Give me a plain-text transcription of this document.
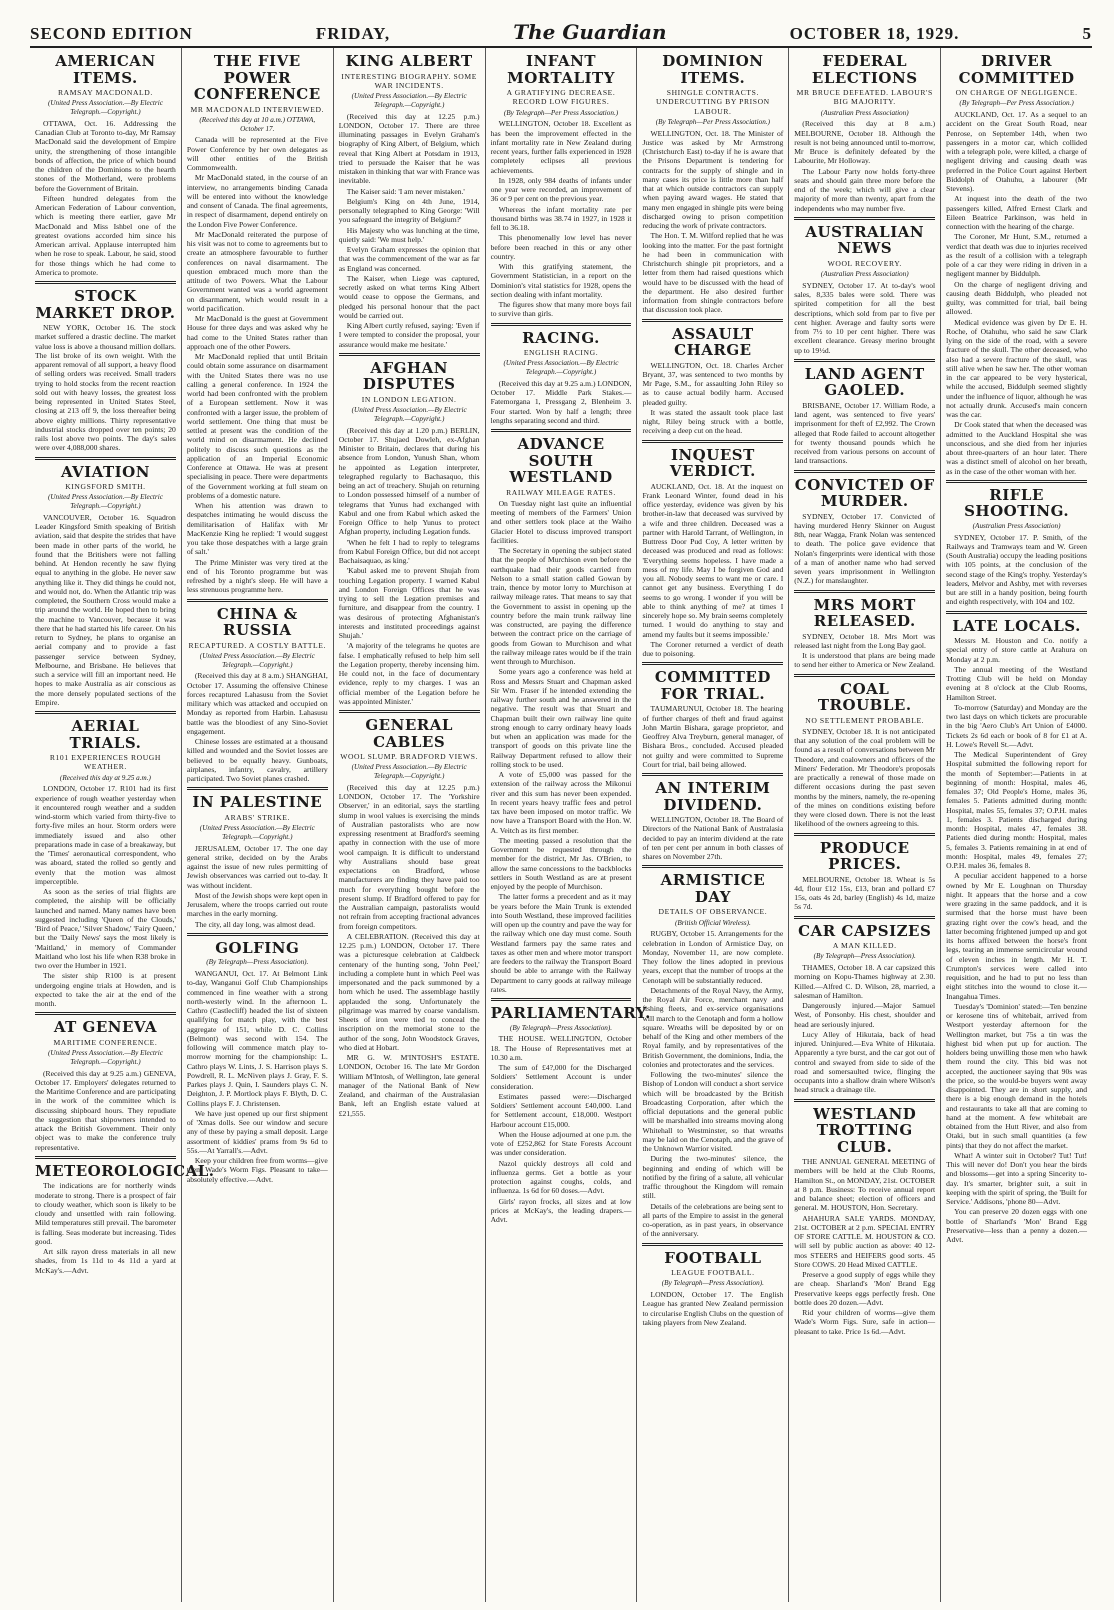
SECOND EDITION	FRIDAY,	The Guardian	OCTOBER 18, 1929.	5
AMERICAN ITEMS.
RAMSAY MACDONALD.
(United Press Association.—By Electric Telegraph.—Copyright.)

OTTAWA, Oct. 16. Addressing the Canadian Club at Toronto to-day, Mr Ramsay MacDonald said the development of Empire unity, the strengthening of those intangible bonds of affection, the price of which bound the children of the Dominions to the hearth stones of the Motherland, were problems before the Government of Britain.

Fifteen hundred delegates from the American Federation of Labour convention, which is meeting there earlier, gave Mr MacDonald and Miss Ishbel one of the greatest ovations accorded him since his American arrival. Applause interrupted him when he rose to speak. Labour, he said, stood for those things which he had come to America to promote.

STOCK MARKET DROP.

NEW YORK, October 16. The stock market suffered a drastic decline. The market value loss is above a thousand million dollars. The list broke of its own weight. With the apparent removal of all support, a heavy flood of selling orders was received. Small traders trying to hold stocks from the recent reaction sold out with heavy losses, the greatest loss being represented in United States Steel, closing at 213 off 9, the loss thereafter being above eighty millions. Thirty representative industrial stocks dropped over ten points; 20 rails lost above two points. The day's sales were over 4,088,000 shares.

AVIATION
KINGSFORD SMITH.
(United Press Association.—By Electric Telegraph.—Copyright.)

VANCOUVER, October 16. Squadron Leader Kingsford Smith speaking of British aviation, said that despite the strides that have been made in other parts of the world, he found that the Britishers were not falling behind. At Hendon recently he saw flying equal to anything in the globe. He never saw anything like it. They did things he could not, and would not, do. When the Atlantic trip was completed, the Southern Cross would make a trip around the world. He hoped then to bring the machine to Vancouver, because it was there that he had started his life career. On his return to Sydney, he plans to organise an aerial company and to provide a fast passenger service between Sydney, Melbourne, and Brisbane. He believes that such a service will fill an important need. He hopes to make Australia as air conscious as the more densely populated sections of the Empire.

AERIAL TRIALS.
R101 EXPERIENCES ROUGH WEATHER.
(Received this day at 9.25 a.m.)

LONDON, October 17. R101 had its first experience of rough weather yesterday when it encountered rough weather and a sudden wind-storm which varied from thirty-five to forty-five miles an hour. Storm orders were immediately issued and also other preparations made in case of a breakaway, but the 'Times' aeronautical correspondent, who was aboard, stated the rolled so gently and evenly that the motion was almost imperceptible.

As soon as the series of trial flights are completed, the airship will be officially launched and named. Many names have been suggested including 'Queen of the Clouds,' 'Bird of Peace,' 'Silver Shadow,' 'Fairy Queen,' but the 'Daily News' says the most likely is 'Maitland,' in memory of Commander Maitland who lost his life when R38 broke in two over the Humber in 1921.

The sister ship R100 is at present undergoing engine trials at Howden, and is expected to take the air at the end of the month.

AT GENEVA
MARITIME CONFERENCE.
(United Press Association.—By Electric Telegraph.—Copyright.)

(Received this day at 9.25 a.m.) GENEVA, October 17. Employers' delegates returned to the Maritime Conference and are participating in the work of the committee which is discussing shipboard hours. They repudiate the suggestion that shipowners intended to attack the British Government. Their only object was to make the conference truly representative.

METEOROLOGICAL.

The indications are for northerly winds moderate to strong. There is a prospect of fair to cloudy weather, which soon is likely to be cloudy and unsettled with rain following. Mild temperatures still prevail. The barometer is falling. Seas moderate but increasing. Tides good.

Art silk rayon dress materials in all new shades, from 1s 11d to 4s 11d a yard at McKay's.—Advt.

THE FIVE POWER CONFERENCE
MR MACDONALD INTERVIEWED.
(Received this day at 10 a.m.) OTTAWA, October 17.

Canada will be represented at the Five Power Conference by her own delegates as will other entities of the British Commonwealth.

Mr MacDonald stated, in the course of an interview, no arrangements binding Canada will be entered into without the knowledge and consent of Canada. The final agreements, in respect of disarmament, depend entirely on the London Five Power Conference.

Mr MacDonald reiterated the purpose of his visit was not to come to agreements but to create an atmosphere favourable to further conferences on naval disarmament. The question embraced much more than the attitude of two Powers. What the Labour Government wanted was a world agreement on disarmament, which would result in a world pacification.

Mr MacDonald is the guest at Government House for three days and was asked why he had come to the United States rather than approach one of the other Powers.

Mr MacDonald replied that until Britain could obtain some assurance on disarmament with the United States there was no use calling a general conference. In 1924 the world had been confronted with the problem of a European settlement. Now it was confronted with a larger issue, the problem of world settlement. One thing that must be settled at present was the condition of the world mind on disarmament. He declined politely to discuss such questions as the application of an Imperial Economic Conference at Ottawa. He was at present specialising in peace. There were departments of the Government working at full steam on problems of a domestic nature.

When his attention was drawn to despatches intimating he would discuss the demilitarisation of Halifax with Mr MacKenzie King he replied: 'I would suggest you take those despatches with a large grain of salt.'

The Prime Minister was very tired at the end of his Toronto programme but was refreshed by a night's sleep. He will have a less strenuous programme here.

CHINA & RUSSIA
RECAPTURED. A COSTLY BATTLE.
(United Press Association.—By Electric Telegraph.—Copyright.)

(Received this day at 8 a.m.) SHANGHAI, October 17. Assuming the offensive Chinese forces recaptured Lahasusu from the Soviet military which was attacked and occupied on Monday as reported from Harbin. Lahasusu battle was the bloodiest of any Sino-Soviet engagement.

Chinese losses are estimated at a thousand killed and wounded and the Soviet losses are believed to be equally heavy. Gunboats, airplanes, infantry, cavalry, artillery participated. Two Soviet planes crashed.

IN PALESTINE
ARABS' STRIKE.
(United Press Association.—By Electric Telegraph.—Copyright.)

JERUSALEM, October 17. The one day general strike, decided on by the Arabs against the issue of new rules permitting of Jewish observances was carried out to-day. It was without incident.

Most of the Jewish shops were kept open in Jerusalem, where the troops carried out route marches in the early morning.

The city, all day long, was almost dead.

GOLFING
(By Telegraph—Press Association).

WANGANUI, Oct. 17. At Belmont Link to-day, Wanganui Golf Club Championships commenced in fine weather with a strong north-westerly wind. In the afternoon L. Cathro (Castlecliff) headed the list of sixteen qualifying for match play, with the best aggregate of 151, while D. C. Collins (Belmont) was second with 154. The following will commence match play to-morrow morning for the championship: L. Cathro plays W. Lints, J. S. Harrison plays S. Powdrell, R. L. McNiven plays J. Gray, F. S. Parkes plays J. Quin, I. Saunders plays C. N. Deighton, J. P. Mortlock plays F. Blyth, D. C. Collins plays F. J. Christensen.

We have just opened up our first shipment of 'Xmas dolls. See our window and secure any of these by paying a small deposit. Large assortment of kiddies' prams from 9s 6d to 55s.—At Yarrall's.—Advt.

Keep your children free from worms—give them Wade's Worm Figs. Pleasant to take—absolutely effective.—Advt.

KING ALBERT
INTERESTING BIOGRAPHY. SOME WAR INCIDENTS.
(United Press Association.—By Electric Telegraph.—Copyright.)

(Received this day at 12.25 p.m.) LONDON, October 17. There are three illuminating passages in Evelyn Graham's biography of King Albert, of Belgium, which reveal that King Albert at Potsdam in 1913, tried to persuade the Kaiser that he was mistaken in thinking that war with France was inevitable.

The Kaiser said: 'I am never mistaken.'

Belgium's King on 4th June, 1914, personally telegraphed to King George: 'Will you safeguard the integrity of Belgium?'

His Majesty who was lunching at the time, quietly said: 'We must help.'

Evelyn Graham expresses the opinion that that was the commencement of the war as far as England was concerned.

The Kaiser, when Liege was captured, secretly asked on what terms King Albert would cease to oppose the Germans, and pledged his personal honour that the pact would be carried out.

King Albert curtly refused, saying: 'Even if I were tempted to consider the proposal, your assurance would make me hesitate.'

AFGHAN DISPUTES
IN LONDON LEGATION.
(United Press Association.—By Electric Telegraph.—Copyright.)

(Received this day at 1.20 p.m.) BERLIN, October 17. Shujaed Dowleh, ex-Afghan Minister to Britain, declares that during his absence from London, Yunush Shan, whom he appointed as Legation interpreter, telegraphed regularly to Bachasaquo, this being an act of treachery. Shujah on returning to London possessed himself of a number of telegrams that Yunus had exchanged with Kabul and one from Kabul which asked the Foreign Office to help Yunus to protect Afghan property, including Legation funds.

'When he felt I had to reply to telegrams from Kabul Foreign Office, but did not accept Bachaisaquao, as king.'

'Kabul asked me to prevent Shujah from touching Legation property. I warned Kabul and London Foreign Offices that he was trying to sell the Legation premises and furniture, and disappear from the country. I was desirous of protecting Afghanistan's interests and instituted proceedings against Shujah.'

'A majority of the telegrams he quotes are false. I emphatically refused to help him sell the Legation property, thereby incensing him. He could not, in the face of documentary evidence, reply to my charges. I was an official member of the Legation before he was appointed Minister.'

GENERAL CABLES
WOOL SLUMP. BRADFORD VIEWS.
(United Press Association.—By Electric Telegraph.—Copyright.)

(Received this day at 12.25 p.m.) LONDON, October 17. The 'Yorkshire Observer,' in an editorial, says the startling slump in wool values is exercising the minds of Australian pastoralists who are now expressing resentment at Bradford's seeming apathy in connection with the use of more wool campaign. It is difficult to understand why Australians should base great expectations on Bradford, whose manufacturers are finding they have paid too much for everything bought before the present slump. If Bradford offered to pay for the Australian campaign, pastoralists would not refrain from accepting fractional advances from foreign competitors.

A CELEBRATION. (Received this day at 12.25 p.m.) LONDON, October 17. There was a picturesque celebration at Caldbeck centenary of the hunting song, 'John Peel,' including a complete hunt in which Peel was impersonated and the pack summoned by a horn which he used. The assemblage hastily applauded the song. Unfortunately the pilgrimage was marred by coarse vandalism. Sheets of iron were tied to conceal the inscription on the memorial stone to the author of the song, John Woodstock Graves, who died at Hobart.

MR G. W. M'INTOSH'S ESTATE. LONDON, October 16. The late Mr Gordon William M'Intosh, of Wellington, late general manager of the National Bank of New Zealand, and chairman of the Australasian Bank, left an English estate valued at £21,555.

INFANT MORTALITY
A GRATIFYING DECREASE. RECORD LOW FIGURES.
(By Telegraph—Per Press Association.)

WELLINGTON, October 18. Excellent as has been the improvement effected in the infant mortality rate in New Zealand during recent years, further falls experienced in 1928 completely eclipses all previous achievements.

In 1928, only 984 deaths of infants under one year were recorded, an improvement of 36 or 9 per cent on the previous year.

Whereas the infant mortality rate per thousand births was 38.74 in 1927, in 1928 it fell to 36.18.

This phenomenally low level has never before been reached in this or any other country.

With this gratifying statement, the Government Statistician, in a report on the Dominion's vital statistics for 1928, opens the section dealing with infant mortality.

The figures show that many more boys fail to survive than girls.

RACING.
ENGLISH RACING.
(United Press Association.—By Electric Telegraph.—Copyright.)

(Received this day at 9.25 a.m.) LONDON, October 17. Middle Park Stakes.—Fatemorgana 1, Pressgang 2, Blenheim 3. Four started. Won by half a length; three lengths separating second and third.

ADVANCE SOUTH WESTLAND
RAILWAY MILEAGE RATES.

On Tuesday night last quite an influential meeting of members of the Farmers' Union and other settlers took place at the Waiho Glacier Hotel to discuss improved transport facilities.

The Secretary in opening the subject stated that the people of Murchison even before the earthquake had their goods carried from Nelson to a small station called Gowan by train, thence by motor lorry to Murchison at railway mileage rates. That means to say that the Government to assist in opening up the country before the main trunk railway line was constructed, are paying the difference between the contract price on the carriage of goods from Gowan to Murchison and what the railway mileage rates would be if the train went through to Murchison.

Some years ago a conference was held at Ross and Messrs Stuart and Chapman asked Sir Wm. Fraser if he intended extending the railway further south and he answered in the negative. The result was that Stuart and Chapman built their own railway line quite strong enough to carry ordinary heavy loads but when an application was made for the transport of goods on this private line the Railway Department refused to allow their rolling stock to be used.

A vote of £5,000 was passed for the extension of the railway across the Mikonui river and this sum has never been expended. In recent years heavy traffic fees and petrol tax have been imposed on motor traffic. We now have a Transport Board with the Hon. W. A. Veitch as its first member.

The meeting passed a resolution that the Government be requested through the member for the district, Mr Jas. O'Brien, to allow the same concessions to the backblocks settlers in South Westland as are at present enjoyed by the people of Murchison.

The latter forms a precedent and as it may be years before the Main Trunk is extended into South Westland, these improved facilities will open up the country and pave the way for the railway which one day must come. South Westland farmers pay the same rates and taxes as other men and where motor transport are feeders to the railway the Transport Board should be able to arrange with the Railway Department to carry goods at railway mileage rates.

PARLIAMENTARY.
(By Telegraph—Press Association).

THE HOUSE. WELLINGTON, October 18. The House of Representatives met at 10.30 a.m.

The sum of £4?,000 for the Discharged Soldiers' Settlement Account is under consideration.

Estimates passed were:—Discharged Soldiers' Settlement account £40,000. Land for Settlement account, £18,000. Westport Harbour account £15,000.

When the House adjourned at one p.m. the vote of £252,862 for State Forests Account was under consideration.

Nazol quickly destroys all cold and influenza germs. Get a bottle as your protection against coughs, colds, and influenza. 1s 6d for 60 doses.—Advt.

Girls' rayon frocks, all sizes and at low prices at McKay's, the leading drapers.—Advt.

DOMINION ITEMS.
SHINGLE CONTRACTS. UNDERCUTTING BY PRISON LABOUR.
(By Telegraph—Per Press Association.)

WELLINGTON, Oct. 18. The Minister of Justice was asked by Mr Armstrong (Christchurch East) to-day if he is aware that the Prisons Department is tendering for contracts for the supply of shingle and in many cases its price is little more than half that at which outside contractors can supply when paying award wages. He stated that many men engaged in shingle pits were being discharged owing to prison competition reducing the work of private contractors.

The Hon. T. M. Wilford replied that he was looking into the matter. For the past fortnight he had been in communication with Christchurch shingle pit proprietors, and a letter from them had raised questions which would have to be discussed with the head of the department. He also desired further information from shingle contractors before that discussion took place.

ASSAULT CHARGE

WELLINGTON, Oct. 18. Charles Archer Bryant, 37, was sentenced to two months by Mr Page, S.M., for assaulting John Riley so as to cause actual bodily harm. Accused pleaded guilty.

It was stated the assault took place last night, Riley being struck with a bottle, receiving a deep cut on the head.

INQUEST VERDICT.

AUCKLAND, Oct. 18. At the inquest on Frank Leonard Winter, found dead in his office yesterday, evidence was given by his brother-in-law that deceased was survived by a wife and three children. Deceased was a partner with Harold Tarrant, of Wellington, in Buttress Door Pud Coy, A letter written by deceased was produced and read as follows: 'Everything seems hopeless. I have made a mess of my life. May I be forgiven God and you all. Nobody seems to want me or care. I cannot get any business. Everything I do seems to go wrong. I wonder if you will be able to think anything of me? at times I sincerely hope so. My brain seems completely turned. I would do anything to stay and amend my faults but it seems impossible.'

The Coroner returned a verdict of death due to poisoning.

COMMITTED FOR TRIAL.

TAUMARUNUI, October 18. The hearing of further charges of theft and fraud against John Martin Bishara, garage proprietor, and Geoffrey Alva Treyburn, general manager, of Bishara Bros., concluded. Accused pleaded not guilty and were committed to Supreme Court for trial, bail being allowed.

AN INTERIM DIVIDEND.

WELLINGTON, October 18. The Board of Directors of the National Bank of Australasia decided to pay an interim dividend at the rate of ten per cent per annum in both classes of shares on November 27th.

ARMISTICE DAY
DETAILS OF OBSERVANCE.
(British Official Wireless).

RUGBY, October 15. Arrangements for the celebration in London of Armistice Day, on Monday, November 11, are now complete. They follow the lines adopted in previous years, except that the number of troops at the Cenotaph will be substantially reduced.

Detachments of the Royal Navy, the Army, the Royal Air Force, merchant navy and fishing fleets, and ex-service organisations will march to the Cenotaph and form a hollow square. Wreaths will be deposited by or on behalf of the King and other members of the Royal family, and by representatives of the British Government, the dominions, India, the colonies and protectorates and the services.

Following the two-minutes' silence the Bishop of London will conduct a short service which will be broadcasted by the British Broadcasting Corporation, after which the official deputations and the general public will be marshalled into streams moving along Whitehall to Westminster, so that wreaths may be laid on the Cenotaph, and the grave of the Unknown Warrior visited.

During the two-minutes' silence, the beginning and ending of which will be notified by the firing of a salute, all vehicular traffic throughout the Kingdom will remain still.

Details of the celebrations are being sent to all parts of the Empire to assist in the general co-operation, as in past years, in observance of the anniversary.

FOOTBALL
LEAGUE FOOTBALL.
(By Telegraph—Press Association).

LONDON, October 17. The English League has granted New Zealand permission to circularise English Clubs on the question of taking players from New Zealand.

FEDERAL ELECTIONS
MR BRUCE DEFEATED. LABOUR'S BIG MAJORITY.
(Australian Press Association)

(Received this day at 8 a.m.) MELBOURNE, October 18. Although the result is not being announced until to-morrow, Mr Bruce is definitely defeated by the Labourite, Mr Holloway.

The Labour Party now holds forty-three seats and should gain three more before the end of the week; which will give a clear majority of more than twenty, apart from the independents who may number five.

AUSTRALIAN NEWS
WOOL RECOVERY.
(Australian Press Association)

SYDNEY, October 17. At to-day's wool sales, 8,335 bales were sold. There was spirited competition for all the best descriptions, which sold from par to five per cent higher. Average and faulty sorts were from 7½ to 10 per cent higher. There was excellent clearance. Greasy merino brought up to 19½d.

LAND AGENT GAOLED.

BRISBANE, October 17. William Rode, a land agent, was sentenced to five years' imprisonment for theft of £2,992. The Crown alleged that Rode failed to account altogether for twenty thousand pounds which he received from various persons on account of land transactions.

CONVICTED OF MURDER.

SYDNEY, October 17. Convicted of having murdered Henry Skinner on August 8th, near Wagga, Frank Nolan was sentenced to death. The police gave evidence that Nolan's fingerprints were identical with those of a man of another name who had served seven years imprisonment in Wellington (N.Z.) for manslaughter.

MRS MORT RELEASED.

SYDNEY, October 18. Mrs Mort was released last night from the Long Bay gaol.

It is understood that plans are being made to send her either to America or New Zealand.

COAL TROUBLE.
NO SETTLEMENT PROBABLE.

SYDNEY, October 18. It is not anticipated that any solution of the coal problem will be found as a result of conversations between Mr Theodore, and coalowners and officers of the Miners' Federation. Mr Theodore's proposals are practically a renewal of those made on different occasions during the past seven months by the miners, namely, the re-opening of the mines on conditions existing before they were closed down. There is not the least likelihood of the owners agreeing to this.

PRODUCE PRICES.

MELBOURNE, October 18. Wheat is 5s 4d, flour £12 15s, £13, bran and pollard £7 15s, oats 4s 2d, barley (English) 4s 1d, maize 5s 7d.

CAR CAPSIZES
A MAN KILLED.
(By Telegraph—Press Association).

THAMES, October 18. A car capsized this morning on Kopu-Thames highway at 2.30. Killed.—Alfred C. D. Wilson, 28, married, a salesman of Hamilton.

Dangerously injured.—Major Samuel West, of Ponsonby. His chest, shoulder and head are seriously injured.

Lucy Alley of Hikutaia, back of head injured. Uninjured.—Eva White of Hikutaia. Apparently a tyre burst, and the car got out of control and swayed from side to side of the road and somersaulted twice, flinging the occupants into a shallow drain where Wilson's head struck a drainage tile.

WESTLAND TROTTING CLUB.

THE ANNUAL GENERAL MEETING of members will be held at the Club Rooms, Hamilton St., on MONDAY, 21st. OCTOBER at 8 p.m. Business: To receive annual report and balance sheet; election of officers and general. M. HOUSTON, Hon. Secretary.

AHAHURA SALE YARDS. MONDAY, 21st. OCTOBER at 2 p.m. SPECIAL ENTRY OF STORE CATTLE. M. HOUSTON & CO. will sell by public auction as above: 40 12-mos STEERS and HEIFERS good sorts. 45 Store COWS. 20 Head Mixed CATTLE.

Preserve a good supply of eggs while they are cheap. Sharland's 'Mon' Brand Egg Preservative keeps eggs perfectly fresh. One bottle does 20 dozen.—Advt.

Rid your children of worms—give them Wade's Worm Figs. Sure, safe in action—pleasant to take. Price 1s 6d.—Advt.

DRIVER COMMITTED
ON CHARGE OF NEGLIGENCE.
(By Telegraph—Per Press Association.)

AUCKLAND, Oct. 17. As a sequel to an accident on the Great South Road, near Penrose, on September 14th, when two passengers in a motor car, which collided with a telegraph pole, were killed, a charge of negligent driving and causing death was preferred in the Police Court against Herbert Biddolph of Otahuhu, a labourer (Mr Stevens).

At inquest into the death of the two passengers killed, Alfred Ernest Clark and Eileen Beatrice Parkinson, was held in connection with the hearing of the charge.

The Coroner, Mr Hunt, S.M., returned a verdict that death was due to injuries received as the result of a collision with a telegraph pole of a car they were riding in driven in a negligent manner by Biddulph.

On the charge of negligent driving and causing death Biddulph, who pleaded not guilty, was committed for trial, bail being allowed.

Medical evidence was given by Dr E. H. Roche, of Otahuhu, who said he saw Clark lying on the side of the road, with a severe fracture of the skull. The other deceased, who also had a severe fracture of the skull, was still alive when he saw her. The other woman in the car appeared to be very hysterical, while the accused, Biddulph seemed slightly under the influence of liquor, although he was not actually drunk. Accused's main concern was the car.

Dr Cook stated that when the deceased was admitted to the Auckland Hospital she was unconscious, and she died from her injuries about three-quarters of an hour later. There was a distinct smell of alcohol on her breath, as in the case of the other woman with her.

RIFLE SHOOTING.
(Australian Press Association)

SYDNEY, October 17. P. Smith, of the Railways and Tramways team and W. Green (South Australia) occupy the leading positions with 105 points, at the conclusion of the second stage of the King's trophy. Yesterday's leaders, Melvor and Ashby, met with reverses but are still in a handy position, being fourth and eighth respectively, with 104 and 102.

LATE LOCALS.

Messrs M. Houston and Co. notify a special entry of store cattle at Arahura on Monday at 2 p.m.

The annual meeting of the Westland Trotting Club will be held on Monday evening at 8 o'clock at the Club Rooms, Hamilton Street.

To-morrow (Saturday) and Monday are the two last days on which tickets are procurable in the big 'Aero Club's Art Union of £4000. Tickets 2s 6d each or book of 8 for £1 at A. H. Lowe's Revell St.—Advt.

The Medical Superintendent of Grey Hospital submitted the following report for the month of September:—Patients in at beginning of month: Hospital, males 46, females 37; Old People's Home, males 36, females 5. Patients admitted during month: Hospital, males 55, females 37; O.P.H. males 1, females 3. Patients discharged during month: Hospital, males 47, females 38. Patients died during month: Hospital, males 5, females 3. Patients remaining in at end of month: Hospital, males 49, females 27; O.P.H. males 36, females 8.

A peculiar accident happened to a horse owned by Mr E. Loughnan on Thursday night. It appears that the horse and a cow were grazing in the same paddock, and it is surmised that the horse must have been grazing right over the cow's head, and the latter becoming frightened jumped up and got its horns affixed between the horse's front legs, tearing an immense semicircular wound of eleven inches in length. Mr H. T. Crumpton's services were called into requisition, and he had to put no less than eight stitches into the wound to close it.—Inangahua Times.

Tuesday's 'Dominion' stated:—Ten benzine or kerosene tins of whitebait, arrived from Westport yesterday afternoon for the Wellington market, but 75s a tin was the highest bid when put up for auction. The holders being unwilling those men who hawk them round the city. This bid was not accepted, the auctioneer saying that 90s was the price, so the would-be buyers went away disappointed. They are in short supply, and there is a big enough demand in the hotels and restaurants to take all that are coming to hand at the moment. A few whitebait are obtained from the Hutt River, and also from Otaki, but in such small quantities (a few pints) that they do not affect the market.

What! A winter suit in October? Tut! Tut! This will never do! Don't you hear the birds and blossoms—get into a spring Sincerity to-day. It's smarter, brighter suit, a suit in keeping with the spirit of spring, the 'Built for Service.' Addisons, 'phone 80—Advt.

You can preserve 20 dozen eggs with one bottle of Sharland's 'Mon' Brand Egg Preservative—less than a penny a dozen.—Advt.
